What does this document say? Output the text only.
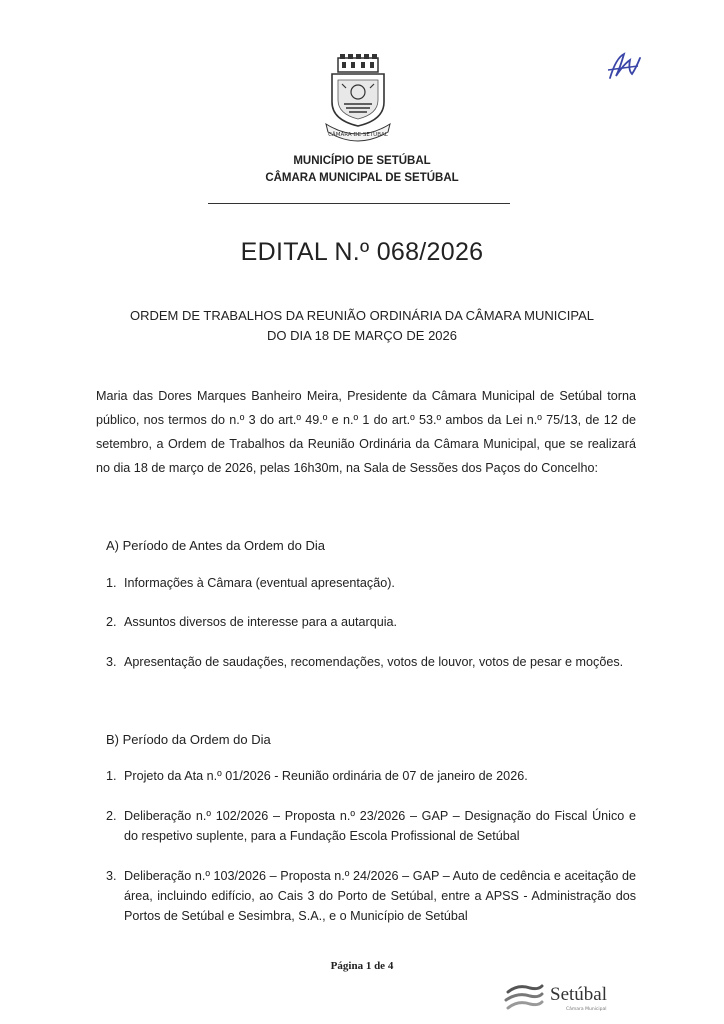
CÂMARA DE SETÚBAL
MUNICÍPIO DE SETÚBAL
CÂMARA MUNICIPAL DE SETÚBAL
EDITAL N.º 068/2026
ORDEM DE TRABALHOS DA REUNIÃO ORDINÁRIA DA CÂMARA MUNICIPAL
DO DIA 18 DE MARÇO DE 2026
Maria das Dores Marques Banheiro Meira, Presidente da Câmara Municipal de Setúbal torna público, nos termos do n.º 3 do art.º 49.º e n.º 1 do art.º 53.º ambos da Lei n.º 75/13, de 12 de setembro, a Ordem de Trabalhos da Reunião Ordinária da Câmara Municipal, que se realizará no dia 18 de março de 2026, pelas 16h30m, na Sala de Sessões dos Paços do Concelho:
A) Período de Antes da Ordem do Dia
1. Informações à Câmara (eventual apresentação).
2. Assuntos diversos de interesse para a autarquia.
3. Apresentação de saudações, recomendações, votos de louvor, votos de pesar e moções.
B) Período da Ordem do Dia
1. Projeto da Ata n.º 01/2026 - Reunião ordinária de 07 de janeiro de 2026.
2. Deliberação n.º 102/2026 – Proposta n.º 23/2026 – GAP – Designação do Fiscal Único e do respetivo suplente, para a Fundação Escola Profissional de Setúbal
3. Deliberação n.º 103/2026 – Proposta n.º 24/2026 – GAP – Auto de cedência e aceitação de área, incluindo edifício, ao Cais 3 do Porto de Setúbal, entre a APSS - Administração dos Portos de Setúbal e Sesimbra, S.A., e o Município de Setúbal
Página 1 de 4
Setúbal
Câmara Municipal
